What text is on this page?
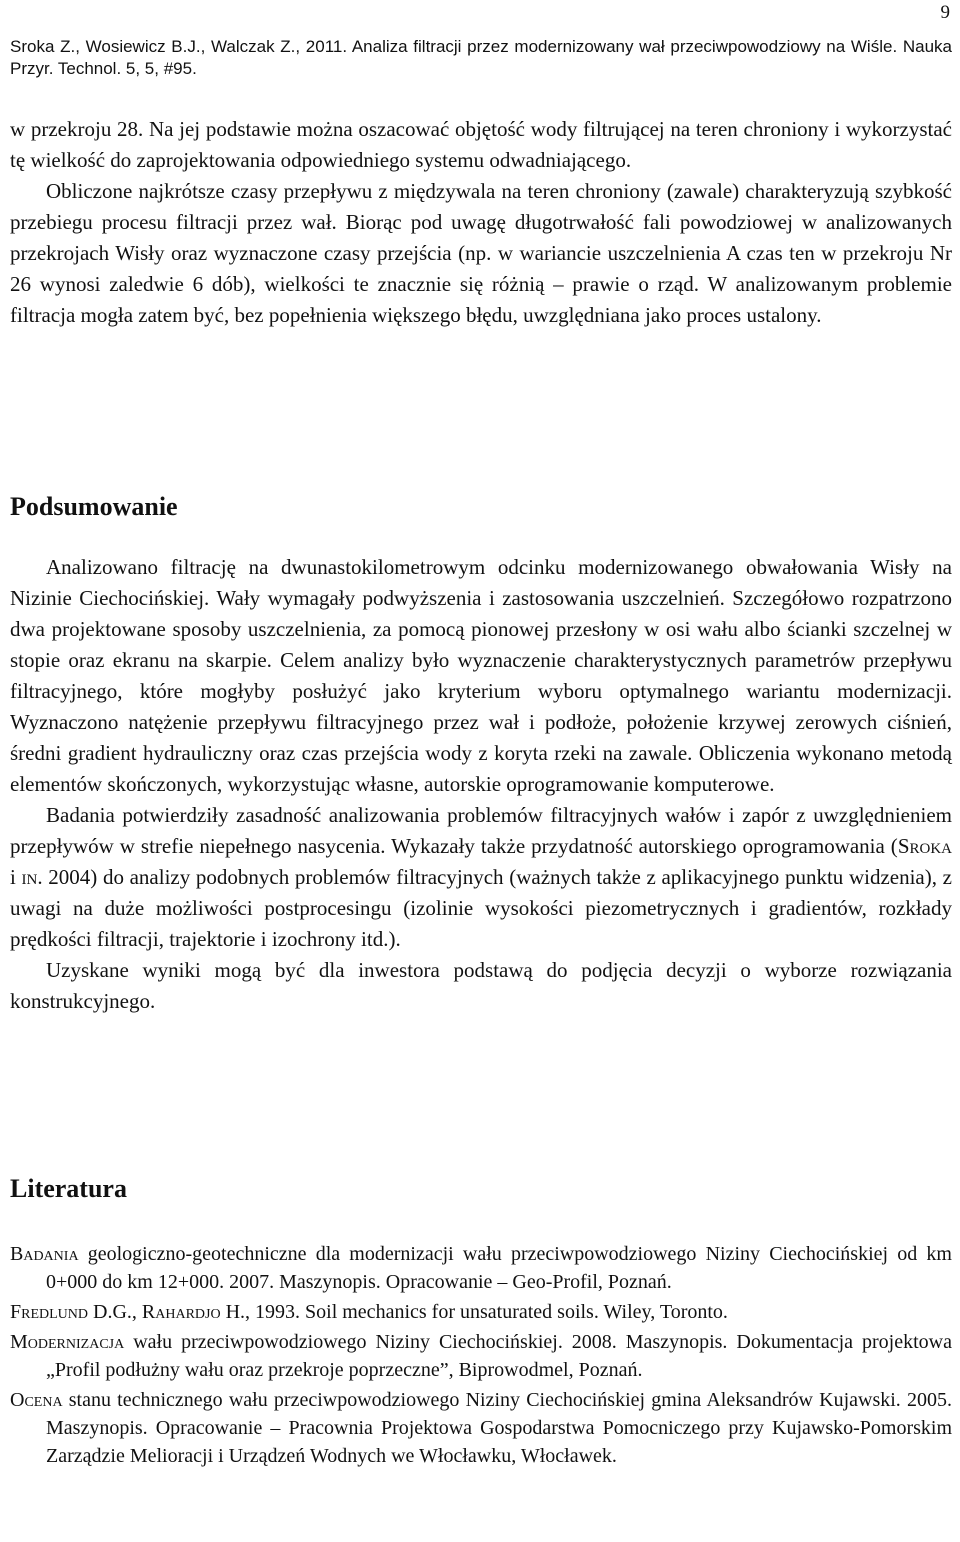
9
Sroka Z., Wosiewicz B.J., Walczak Z., 2011. Analiza filtracji przez modernizowany wał przeciwpowodziowy na Wiśle. Nauka Przyr. Technol. 5, 5, #95.

w przekroju 28. Na jej podstawie można oszacować objętość wody filtrującej na teren chroniony i wykorzystać tę wielkość do zaprojektowania odpowiedniego systemu odwadniającego.

Obliczone najkrótsze czasy przepływu z międzywala na teren chroniony (zawale) charakteryzują szybkość przebiegu procesu filtracji przez wał. Biorąc pod uwagę długotrwałość fali powodziowej w analizowanych przekrojach Wisły oraz wyznaczone czasy przejścia (np. w wariancie uszczelnienia A czas ten w przekroju Nr 26 wynosi zaledwie 6 dób), wielkości te znacznie się różnią – prawie o rząd. W analizowanym problemie filtracja mogła zatem być, bez popełnienia większego błędu, uwzględniana jako proces ustalony.

Podsumowanie

Analizowano filtrację na dwunastokilometrowym odcinku modernizowanego obwałowania Wisły na Nizinie Ciechocińskiej. Wały wymagały podwyższenia i zastosowania uszczelnień. Szczegółowo rozpatrzono dwa projektowane sposoby uszczelnienia, za pomocą pionowej przesłony w osi wału albo ścianki szczelnej w stopie oraz ekranu na skarpie. Celem analizy było wyznaczenie charakterystycznych parametrów przepływu filtracyjnego, które mogłyby posłużyć jako kryterium wyboru optymalnego wariantu modernizacji. Wyznaczono natężenie przepływu filtracyjnego przez wał i podłoże, położenie krzywej zerowych ciśnień, średni gradient hydrauliczny oraz czas przejścia wody z koryta rzeki na zawale. Obliczenia wykonano metodą elementów skończonych, wykorzystując własne, autorskie oprogramowanie komputerowe.

Badania potwierdziły zasadność analizowania problemów filtracyjnych wałów i zapór z uwzględnieniem przepływów w strefie niepełnego nasycenia. Wykazały także przydatność autorskiego oprogramowania (Sroka i in. 2004) do analizy podobnych problemów filtracyjnych (ważnych także z aplikacyjnego punktu widzenia), z uwagi na duże możliwości postprocesingu (izolinie wysokości piezometrycznych i gradientów, rozkłady prędkości filtracji, trajektorie i izochrony itd.).

Uzyskane wyniki mogą być dla inwestora podstawą do podjęcia decyzji o wyborze rozwiązania konstrukcyjnego.

Literatura

Badania geologiczno-geotechniczne dla modernizacji wału przeciwpowodziowego Niziny Ciechocińskiej od km 0+000 do km 12+000. 2007. Maszynopis. Opracowanie – Geo-Profil, Poznań.

Fredlund D.G., Rahardjo H., 1993. Soil mechanics for unsaturated soils. Wiley, Toronto.

Modernizacja wału przeciwpowodziowego Niziny Ciechocińskiej. 2008. Maszynopis. Dokumentacja projektowa „Profil podłużny wału oraz przekroje poprzeczne”, Biprowodmel, Poznań.

Ocena stanu technicznego wału przeciwpowodziowego Niziny Ciechocińskiej gmina Aleksandrów Kujawski. 2005. Maszynopis. Opracowanie – Pracownia Projektowa Gospodarstwa Pomocniczego przy Kujawsko-Pomorskim Zarządzie Melioracji i Urządzeń Wodnych we Włocławku, Włocławek.
